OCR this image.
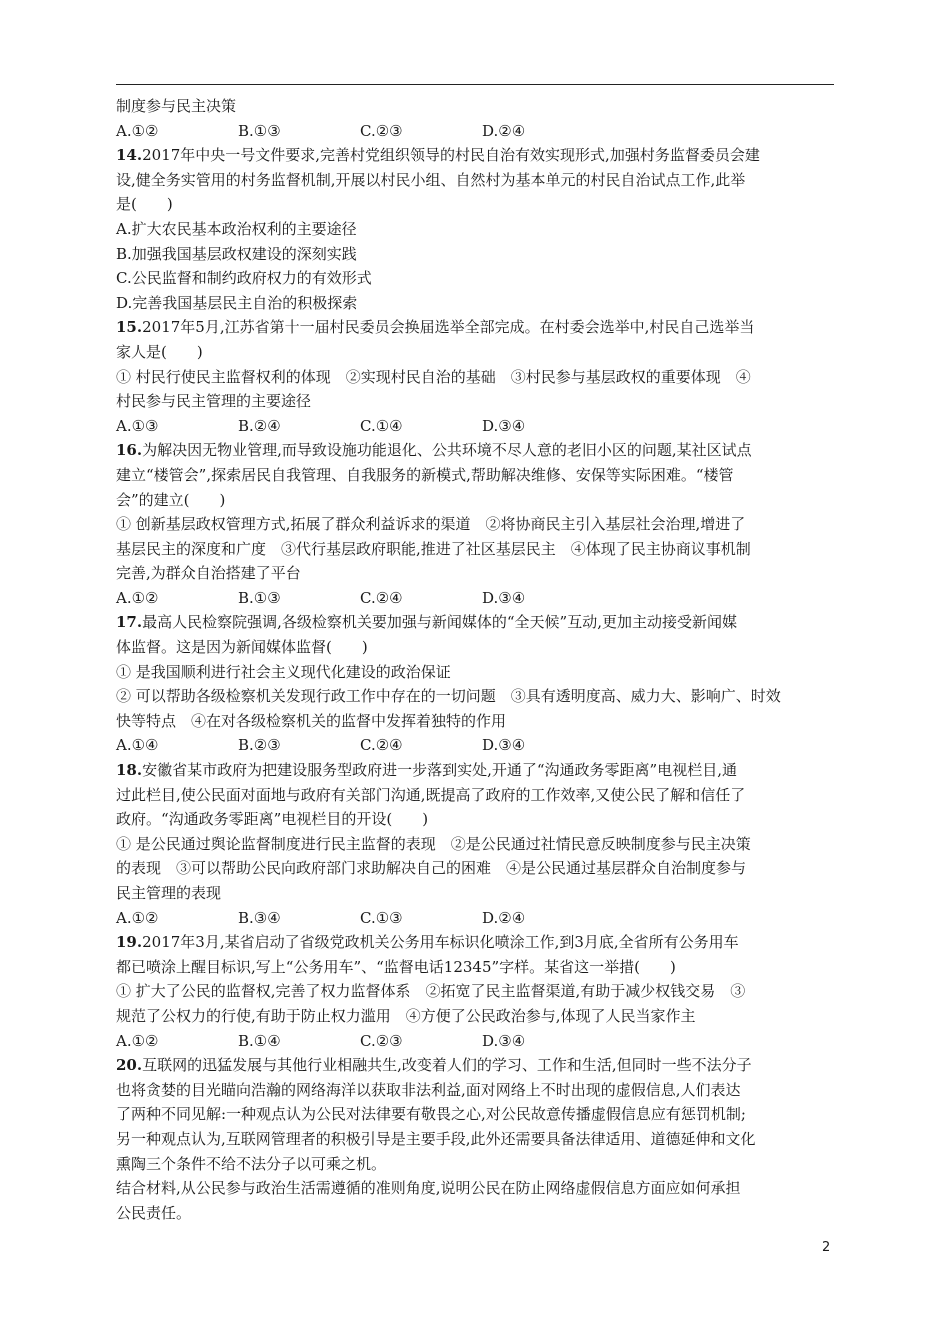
制度参与民主决策
A.①②	B.①③	C.②③	D.②④
14.2017年中央一号文件要求,完善村党组织领导的村民自治有效实现形式,加强村务监督委员会建
设,健全务实管用的村务监督机制,开展以村民小组、自然村为基本单元的村民自治试点工作,此举
是(　　)
A.扩大农民基本政治权利的主要途径
B.加强我国基层政权建设的深刻实践
C.公民监督和制约政府权力的有效形式
D.完善我国基层民主自治的积极探索
15.2017年5月,江苏省第十一届村民委员会换届选举全部完成。在村委会选举中,村民自己选举当
家人是(　　)
① 村民行使民主监督权利的体现　②实现村民自治的基础　③村民参与基层政权的重要体现　④
村民参与民主管理的主要途径
A.①③	B.②④	C.①④	D.③④
16.为解决因无物业管理,而导致设施功能退化、公共环境不尽人意的老旧小区的问题,某社区试点
建立“楼管会”,探索居民自我管理、自我服务的新模式,帮助解决维修、安保等实际困难。“楼管
会”的建立(　　)
① 创新基层政权管理方式,拓展了群众利益诉求的渠道　②将协商民主引入基层社会治理,增进了
基层民主的深度和广度　③代行基层政府职能,推进了社区基层民主　④体现了民主协商议事机制
完善,为群众自治搭建了平台
A.①②	B.①③	C.②④	D.③④
17.最高人民检察院强调,各级检察机关要加强与新闻媒体的“全天候”互动,更加主动接受新闻媒
体监督。这是因为新闻媒体监督(　　)
① 是我国顺利进行社会主义现代化建设的政治保证
② 可以帮助各级检察机关发现行政工作中存在的一切问题　③具有透明度高、威力大、影响广、时效
快等特点　④在对各级检察机关的监督中发挥着独特的作用
A.①④	B.②③	C.②④	D.③④
18.安徽省某市政府为把建设服务型政府进一步落到实处,开通了“沟通政务零距离”电视栏目,通
过此栏目,使公民面对面地与政府有关部门沟通,既提高了政府的工作效率,又使公民了解和信任了
政府。“沟通政务零距离”电视栏目的开设(　　)
① 是公民通过舆论监督制度进行民主监督的表现　②是公民通过社情民意反映制度参与民主决策
的表现　③可以帮助公民向政府部门求助解决自己的困难　④是公民通过基层群众自治制度参与
民主管理的表现
A.①②	B.③④	C.①③	D.②④
19.2017年3月,某省启动了省级党政机关公务用车标识化喷涂工作,到3月底,全省所有公务用车
都已喷涂上醒目标识,写上“公务用车”、“监督电话12345”字样。某省这一举措(　　)
① 扩大了公民的监督权,完善了权力监督体系　②拓宽了民主监督渠道,有助于减少权钱交易　③
规范了公权力的行使,有助于防止权力滥用　④方便了公民政治参与,体现了人民当家作主
A.①②	B.①④	C.②③	D.③④
20.互联网的迅猛发展与其他行业相融共生,改变着人们的学习、工作和生活,但同时一些不法分子
也将贪婪的目光瞄向浩瀚的网络海洋以获取非法利益,面对网络上不时出现的虚假信息,人们表达
了两种不同见解:一种观点认为公民对法律要有敬畏之心,对公民故意传播虚假信息应有惩罚机制;
另一种观点认为,互联网管理者的积极引导是主要手段,此外还需要具备法律适用、道德延伸和文化
熏陶三个条件不给不法分子以可乘之机。
结合材料,从公民参与政治生活需遵循的准则角度,说明公民在防止网络虚假信息方面应如何承担
公民责任。
2
